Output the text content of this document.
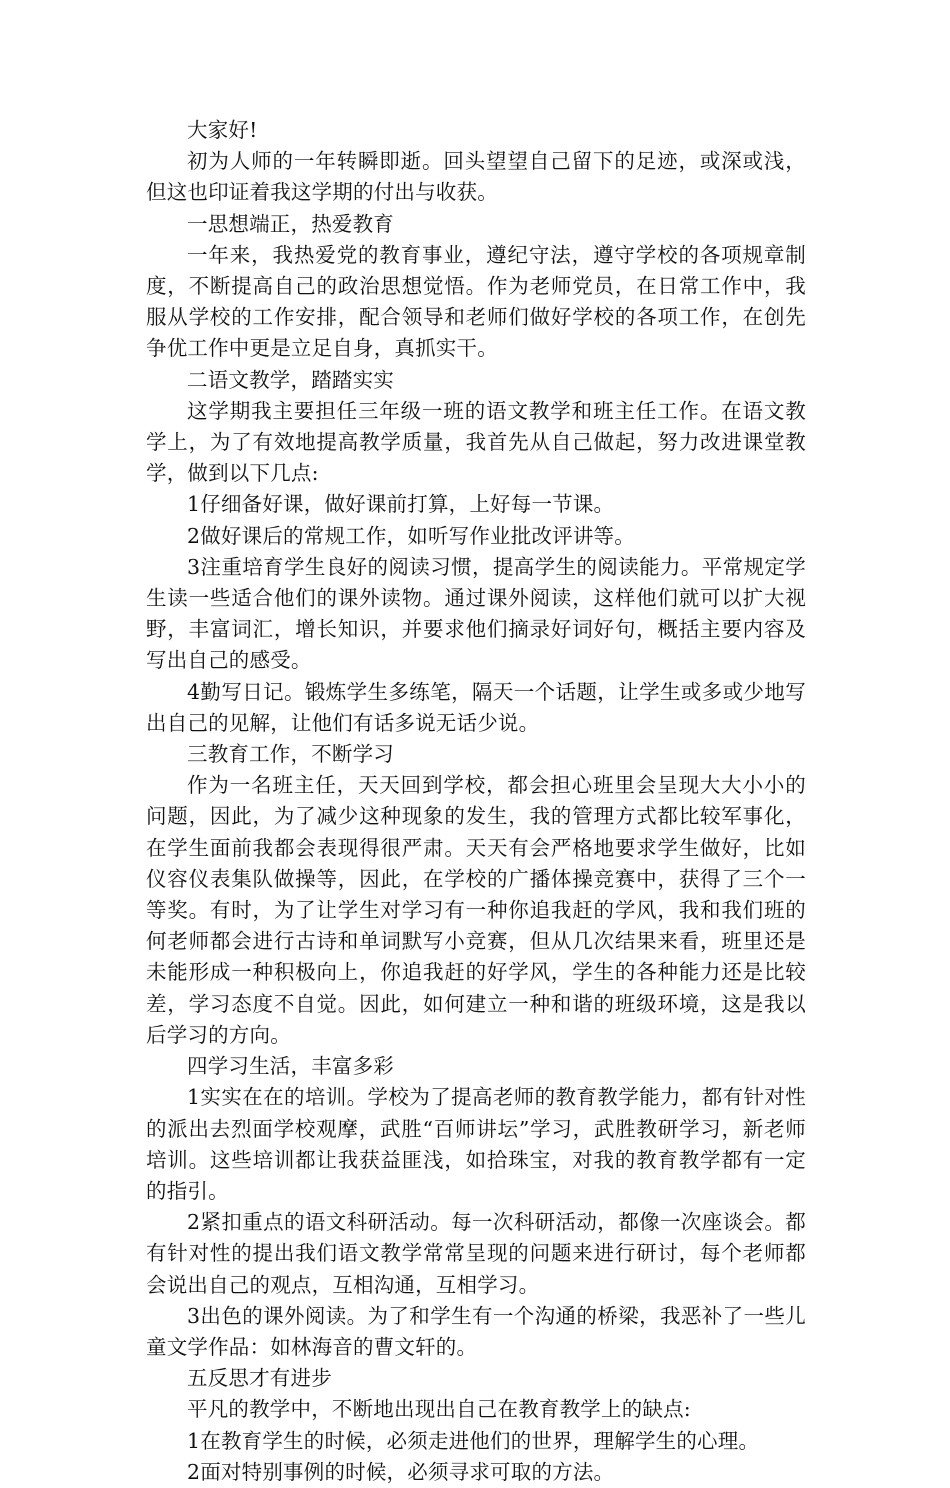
大家好!

初为人师的一年转瞬即逝。回头望望自己留下的足迹，或深或浅，但这也印证着我这学期的付出与收获。

一思想端正，热爱教育

一年来，我热爱党的教育事业，遵纪守法，遵守学校的各项规章制度，不断提高自己的政治思想觉悟。作为老师党员，在日常工作中，我服从学校的工作安排，配合领导和老师们做好学校的各项工作，在创先争优工作中更是立足自身，真抓实干。

二语文教学，踏踏实实

这学期我主要担任三年级一班的语文教学和班主任工作。在语文教学上，为了有效地提高教学质量，我首先从自己做起，努力改进课堂教学，做到以下几点:

1仔细备好课，做好课前打算，上好每一节课。

2做好课后的常规工作，如听写作业批改评讲等。

3注重培育学生良好的阅读习惯，提高学生的阅读能力。平常规定学生读一些适合他们的课外读物。通过课外阅读，这样他们就可以扩大视野，丰富词汇，增长知识，并要求他们摘录好词好句，概括主要内容及写出自己的感受。

4勤写日记。锻炼学生多练笔，隔天一个话题，让学生或多或少地写出自己的见解，让他们有话多说无话少说。

三教育工作，不断学习

作为一名班主任，天天回到学校，都会担心班里会呈现大大小小的问题，因此，为了减少这种现象的发生，我的管理方式都比较军事化，在学生面前我都会表现得很严肃。天天有会严格地要求学生做好，比如仪容仪表集队做操等，因此，在学校的广播体操竞赛中，获得了三个一等奖。有时，为了让学生对学习有一种你追我赶的学风，我和我们班的何老师都会进行古诗和单词默写小竞赛，但从几次结果来看，班里还是未能形成一种积极向上，你追我赶的好学风，学生的各种能力还是比较差，学习态度不自觉。因此，如何建立一种和谐的班级环境，这是我以后学习的方向。

四学习生活，丰富多彩

1实实在在的培训。学校为了提高老师的教育教学能力，都有针对性的派出去烈面学校观摩，武胜“百师讲坛”学习，武胜教研学习，新老师培训。这些培训都让我获益匪浅，如拾珠宝，对我的教育教学都有一定的指引。

2紧扣重点的语文科研活动。每一次科研活动，都像一次座谈会。都有针对性的提出我们语文教学常常呈现的问题来进行研讨，每个老师都会说出自己的观点，互相沟通，互相学习。

3出色的课外阅读。为了和学生有一个沟通的桥梁，我恶补了一些儿童文学作品：如林海音的曹文轩的。

五反思才有进步

平凡的教学中，不断地出现出自己在教育教学上的缺点:

1在教育学生的时候，必须走进他们的世界，理解学生的心理。

2面对特别事例的时候，必须寻求可取的方法。
